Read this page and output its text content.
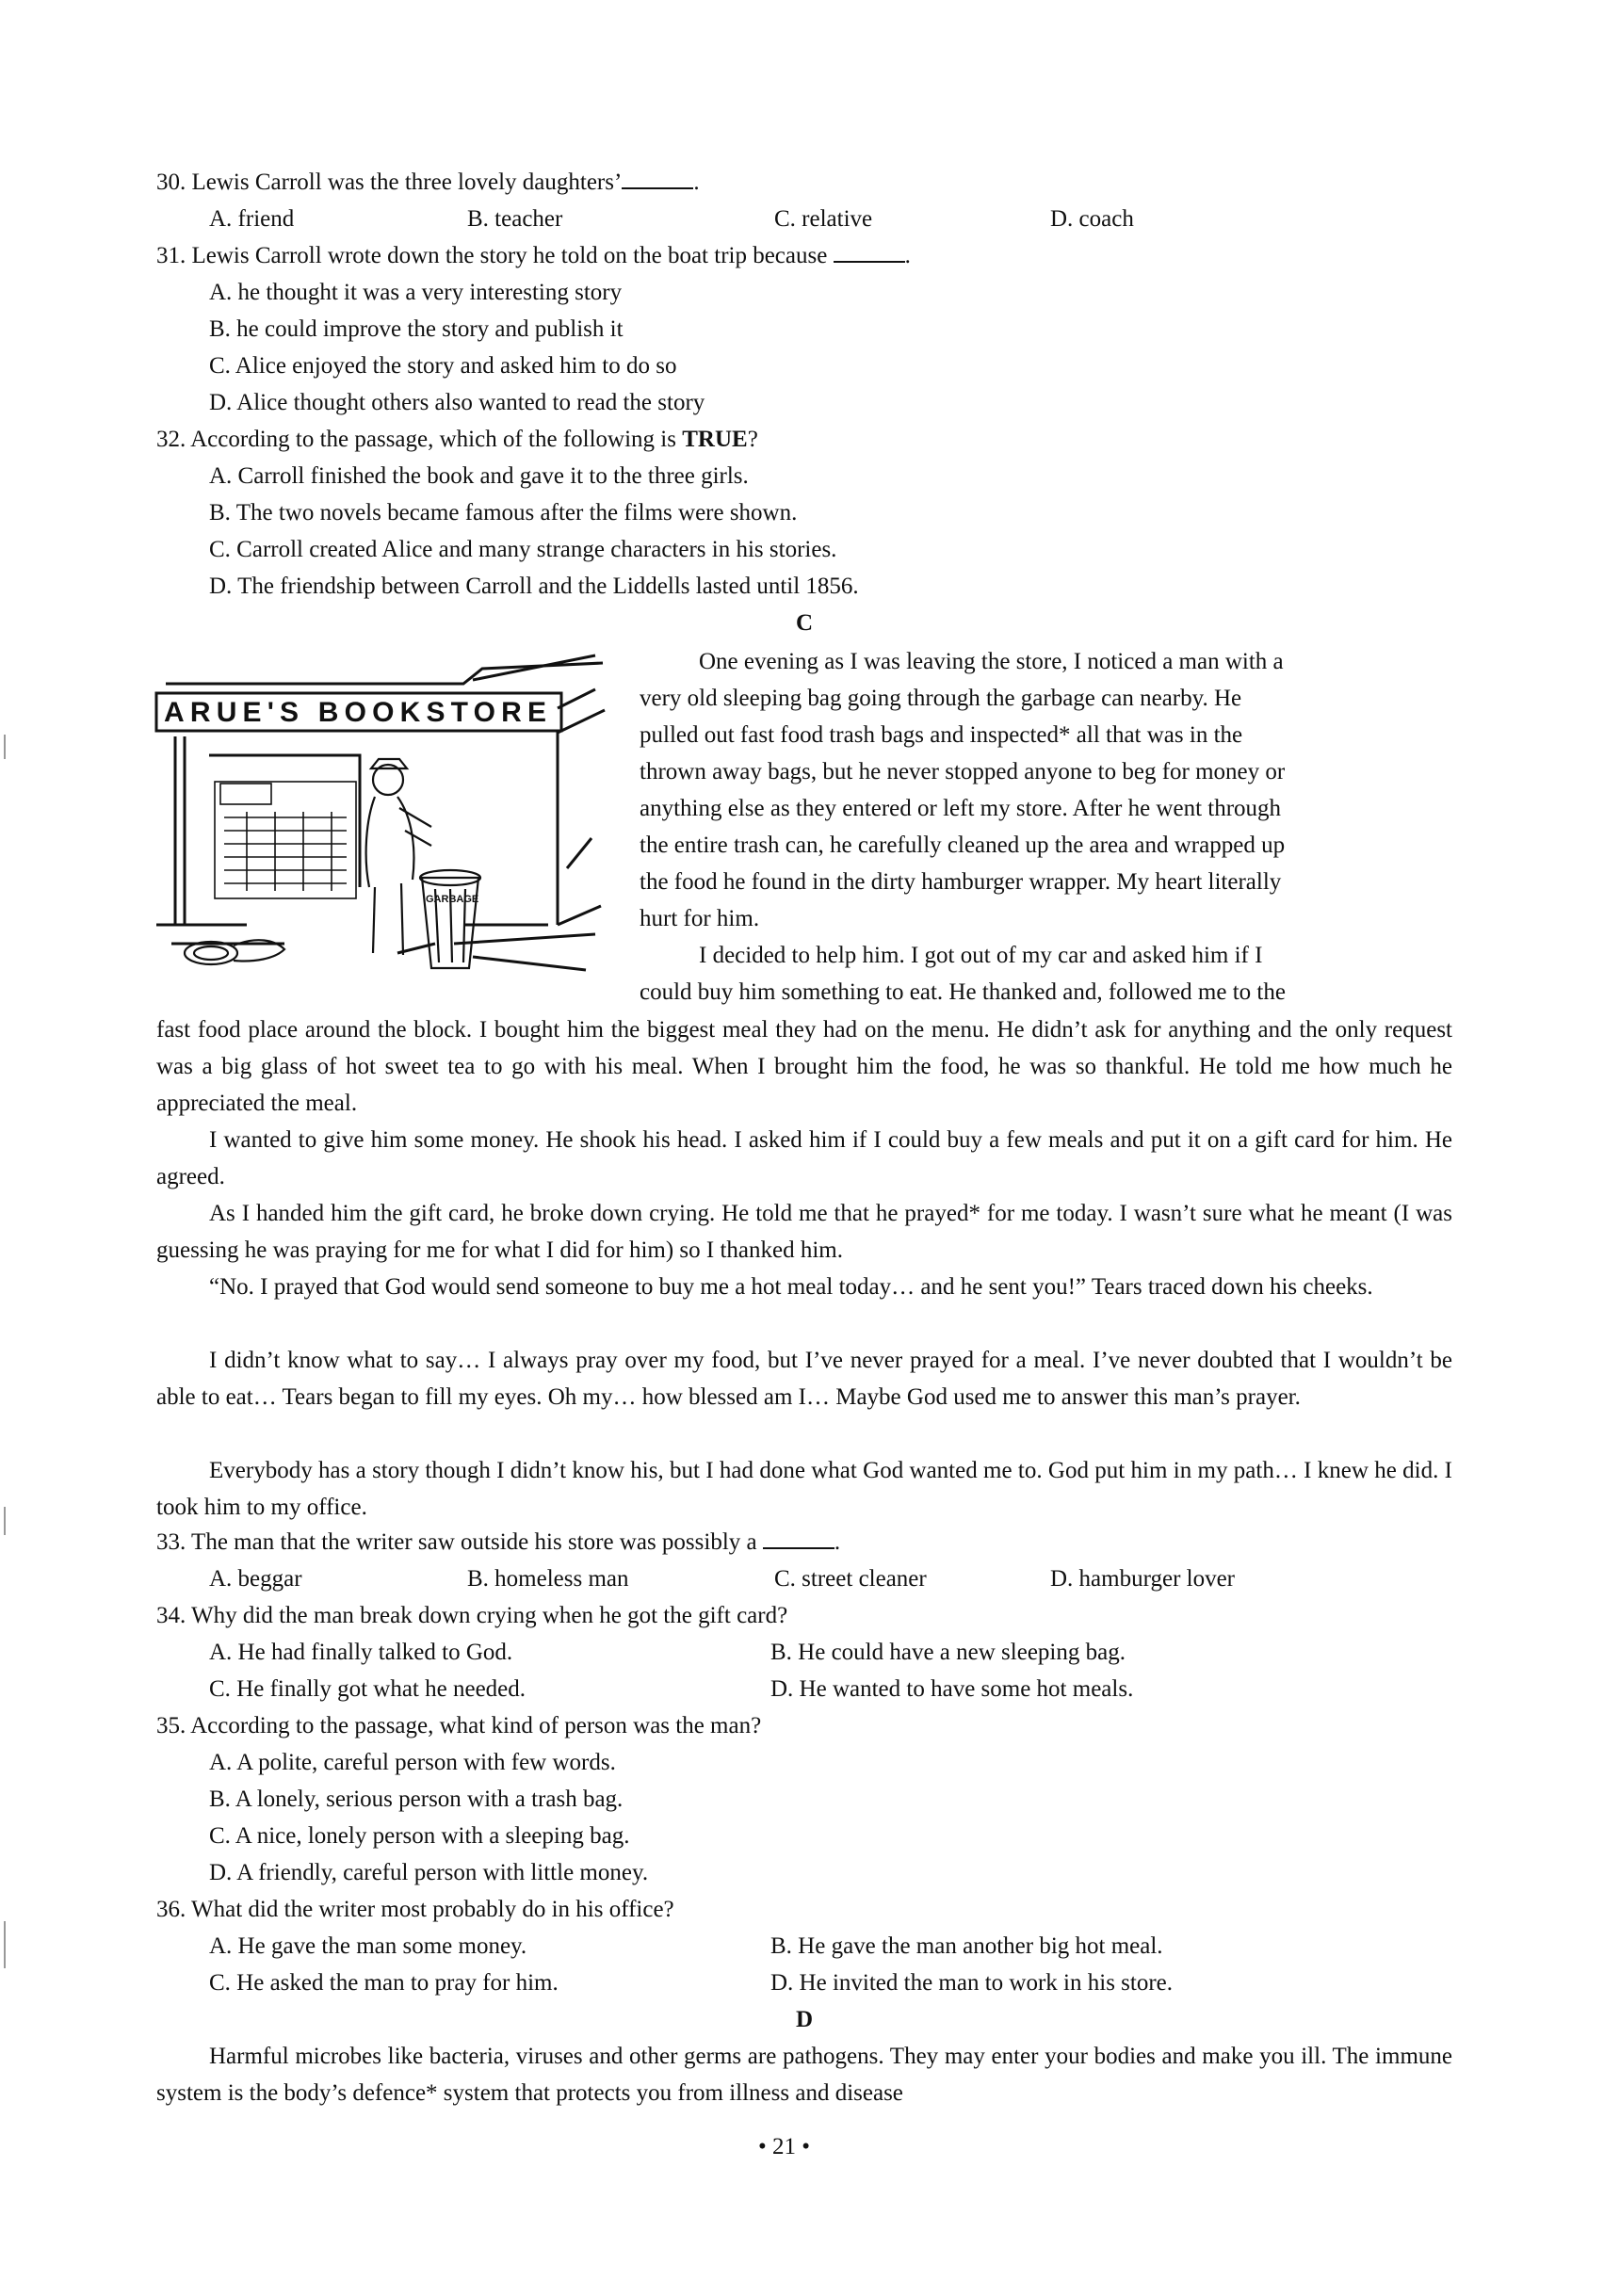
30. Lewis Carroll was the three lovely daughters’	.
A. friend	B. teacher	C. relative	D. coach
31. Lewis Carroll wrote down the story he told on the boat trip because	.
A. he thought it was a very interesting story
B. he could improve the story and publish it
C. Alice enjoyed the story and asked him to do so
D. Alice thought others also wanted to read the story
32. According to the passage, which of the following is TRUE?
A. Carroll finished the book and gave it to the three girls.
B. The two novels became famous after the films were shown.
C. Carroll created Alice and many strange characters in his stories.
D. The friendship between Carroll and the Liddells lasted until 1856.
C
ARUE'S BOOKSTORE
GARBAGE
One evening as I was leaving the store, I noticed a man with a
very old sleeping bag going through the garbage can nearby. He
pulled out fast food trash bags and inspected* all that was in the
thrown away bags, but he never stopped anyone to beg for money or
anything else as they entered or left my store. After he went through
the entire trash can, he carefully cleaned up the area and wrapped up
the food he found in the dirty hamburger wrapper. My heart literally
hurt for him.
I decided to help him. I got out of my car and asked him if I
could buy him something to eat. He thanked and, followed me to the
fast food place around the block. I bought him the biggest meal they had on the menu. He didn’t ask for anything and the only request was a big glass of hot sweet tea to go with his meal. When I brought him the food, he was so thankful. He told me how much he appreciated the meal.
I wanted to give him some money. He shook his head. I asked him if I could buy a few meals and put it on a gift card for him. He agreed.
As I handed him the gift card, he broke down crying. He told me that he prayed* for me today. I wasn’t sure what he meant (I was guessing he was praying for me for what I did for him) so I thanked him.
“No. I prayed that God would send someone to buy me a hot meal today… and he sent you!” Tears traced down his cheeks.
I didn’t know what to say… I always pray over my food, but I’ve never prayed for a meal. I’ve never doubted that I wouldn’t be able to eat… Tears began to fill my eyes. Oh my… how blessed am I… Maybe God used me to answer this man’s prayer.
Everybody has a story though I didn’t know his, but I had done what God wanted me to. God put him in my path… I knew he did. I took him to my office.
33. The man that the writer saw outside his store was possibly a	.
A. beggar	B. homeless man	C. street cleaner	D. hamburger lover
34. Why did the man break down crying when he got the gift card?
A. He had finally talked to God.	B. He could have a new sleeping bag.
C. He finally got what he needed.	D. He wanted to have some hot meals.
35. According to the passage, what kind of person was the man?
A. A polite, careful person with few words.
B. A lonely, serious person with a trash bag.
C. A nice, lonely person with a sleeping bag.
D. A friendly, careful person with little money.
36. What did the writer most probably do in his office?
A. He gave the man some money.	B. He gave the man another big hot meal.
C. He asked the man to pray for him.	D. He invited the man to work in his store.
D
Harmful microbes like bacteria, viruses and other germs are pathogens. They may enter your bodies and make you ill. The immune system is the body’s defence* system that protects you from illness and disease
• 21 •
